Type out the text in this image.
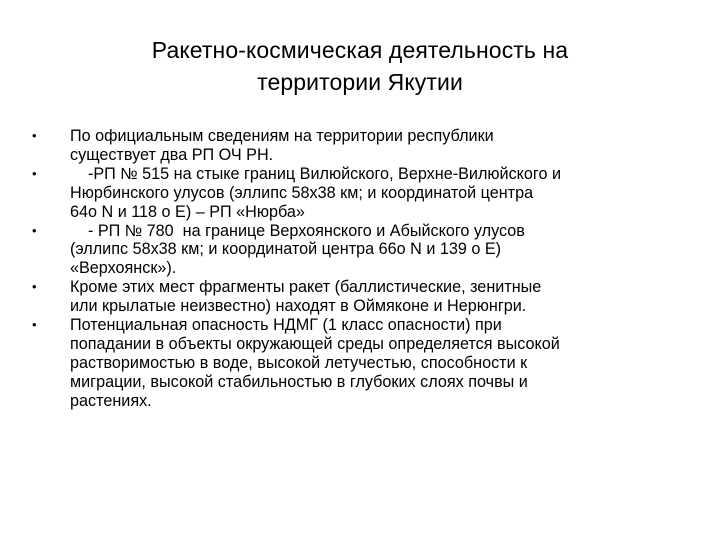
Ракетно-космическая деятельность на
территории Якутии
•	По официальным сведениям на территории республики
существует два РП ОЧ РН.
•	-РП № 515 на стыке границ Вилюйского, Верхне-Вилюйского и
Нюрбинского улусов (эллипс 58х38 км; и координатой центра
64о N и 118 о Е) – РП «Нюрба»
•	- РП № 780  на границе Верхоянского и Абыйского улусов
(эллипс 58х38 км; и координатой центра 66о N и 139 о Е)
«Верхоянск»).
•	Кроме этих мест фрагменты ракет (баллистические, зенитные
или крылатые неизвестно) находят в Оймяконе и Нерюнгри.
•	Потенциальная опасность НДМГ (1 класс опасности) при
попадании в объекты окружающей среды определяется высокой
растворимостью в воде, высокой летучестью, способности к
миграции, высокой стабильностью в глубоких слоях почвы и
растениях.
